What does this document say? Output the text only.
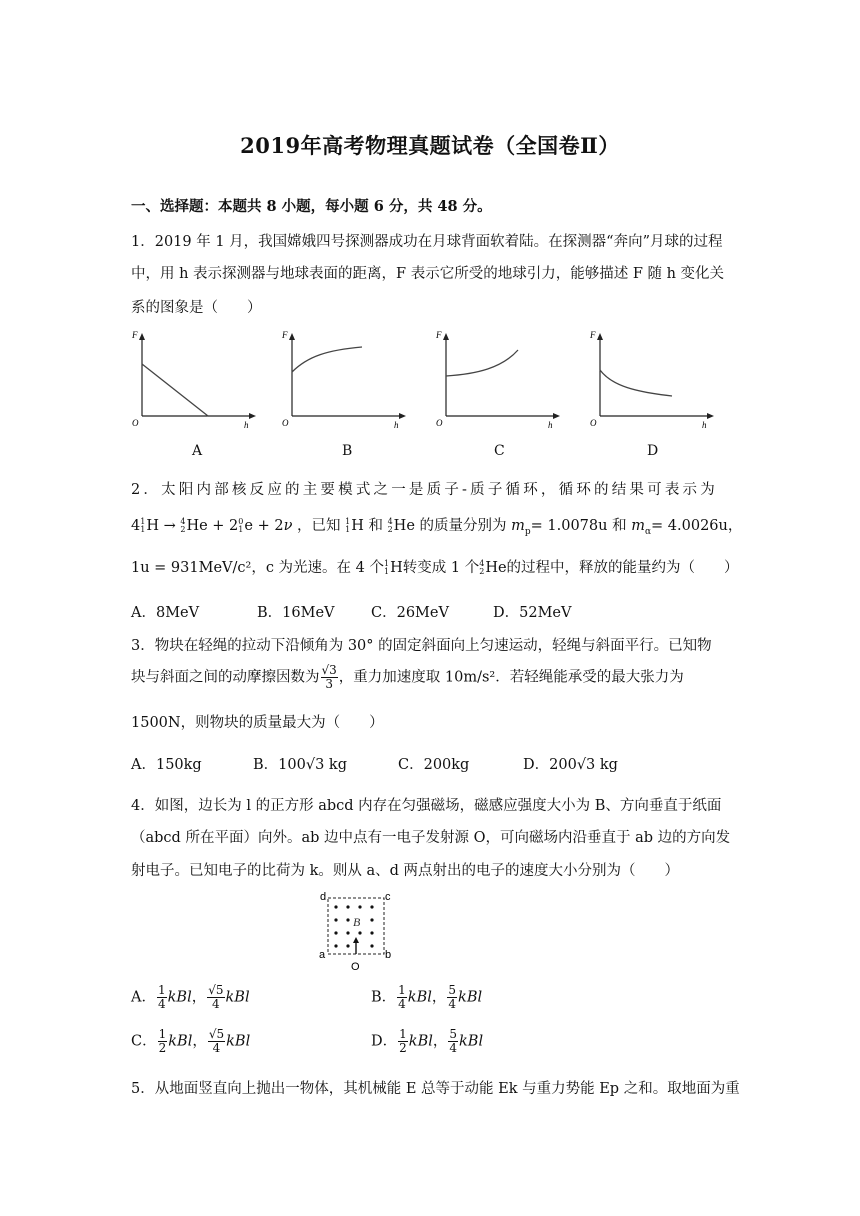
2019年高考物理真题试卷（全国卷Ⅱ）
一、选择题：本题共 8 小题，每小题 6 分，共 48 分。
1．2019 年 1 月，我国嫦娥四号探测器成功在月球背面软着陆。在探测器“奔向”月球的过程
中，用 h 表示探测器与地球表面的距离，F 表示它所受的地球引力，能够描述 F 随 h 变化关
系的图象是（　　）
F
O	h
F
O	h
F
O	h
F
O	h
A	B	C	D
2．太阳内部核反应的主要模式之一是质子-质子循环，循环的结果可表示为
4 1
1 H → 4
2 He + 2 0
1 e + 2ν ，已知 1
1 H 和 4
2 He 的质量分别为 $m_p= 1.0078u$ 和 $m_\alpha= 4.0026u$，
1u = 931MeV/c²，c 为光速。在 4 个 1
1 H转变成 1 个 4
2 He的过程中，释放的能量约为（　　）
A．8MeV	B．16MeV	C．26MeV	D．52MeV
3．物块在轻绳的拉动下沿倾角为 30° 的固定斜面向上匀速运动，轻绳与斜面平行。已知物
块与斜面之间的动摩擦因数为 $\frac{√3}{3}$ ，重力加速度取 10m/s²．若轻绳能承受的最大张力为
1500N，则物块的质量最大为（　　）
A．150kg	B．100√3 kg	C．200kg	D．200√3 kg
4．如图，边长为 l 的正方形 abcd 内存在匀强磁场，磁感应强度大小为 B、方向垂直于纸面
（abcd 所在平面）向外。ab 边中点有一电子发射源 O，可向磁场内沿垂直于 ab 边的方向发
射电子。已知电子的比荷为 k。则从 a、d 两点射出的电子的速度大小分别为（　　）
B
d	c
a	b
O
A． $\frac{1}{4}$ kBl， $\frac{√5}{4}$ kBl	B． $\frac{1}{4}$ kBl， $\frac{5}{4}$ kBl
C． $\frac{1}{2}$ kBl， $\frac{√5}{4}$ kBl	D． $\frac{1}{2}$ kBl， $\frac{5}{4}$ kBl
5．从地面竖直向上抛出一物体，其机械能 E 总等于动能 Ek 与重力势能 Ep 之和。取地面为重
